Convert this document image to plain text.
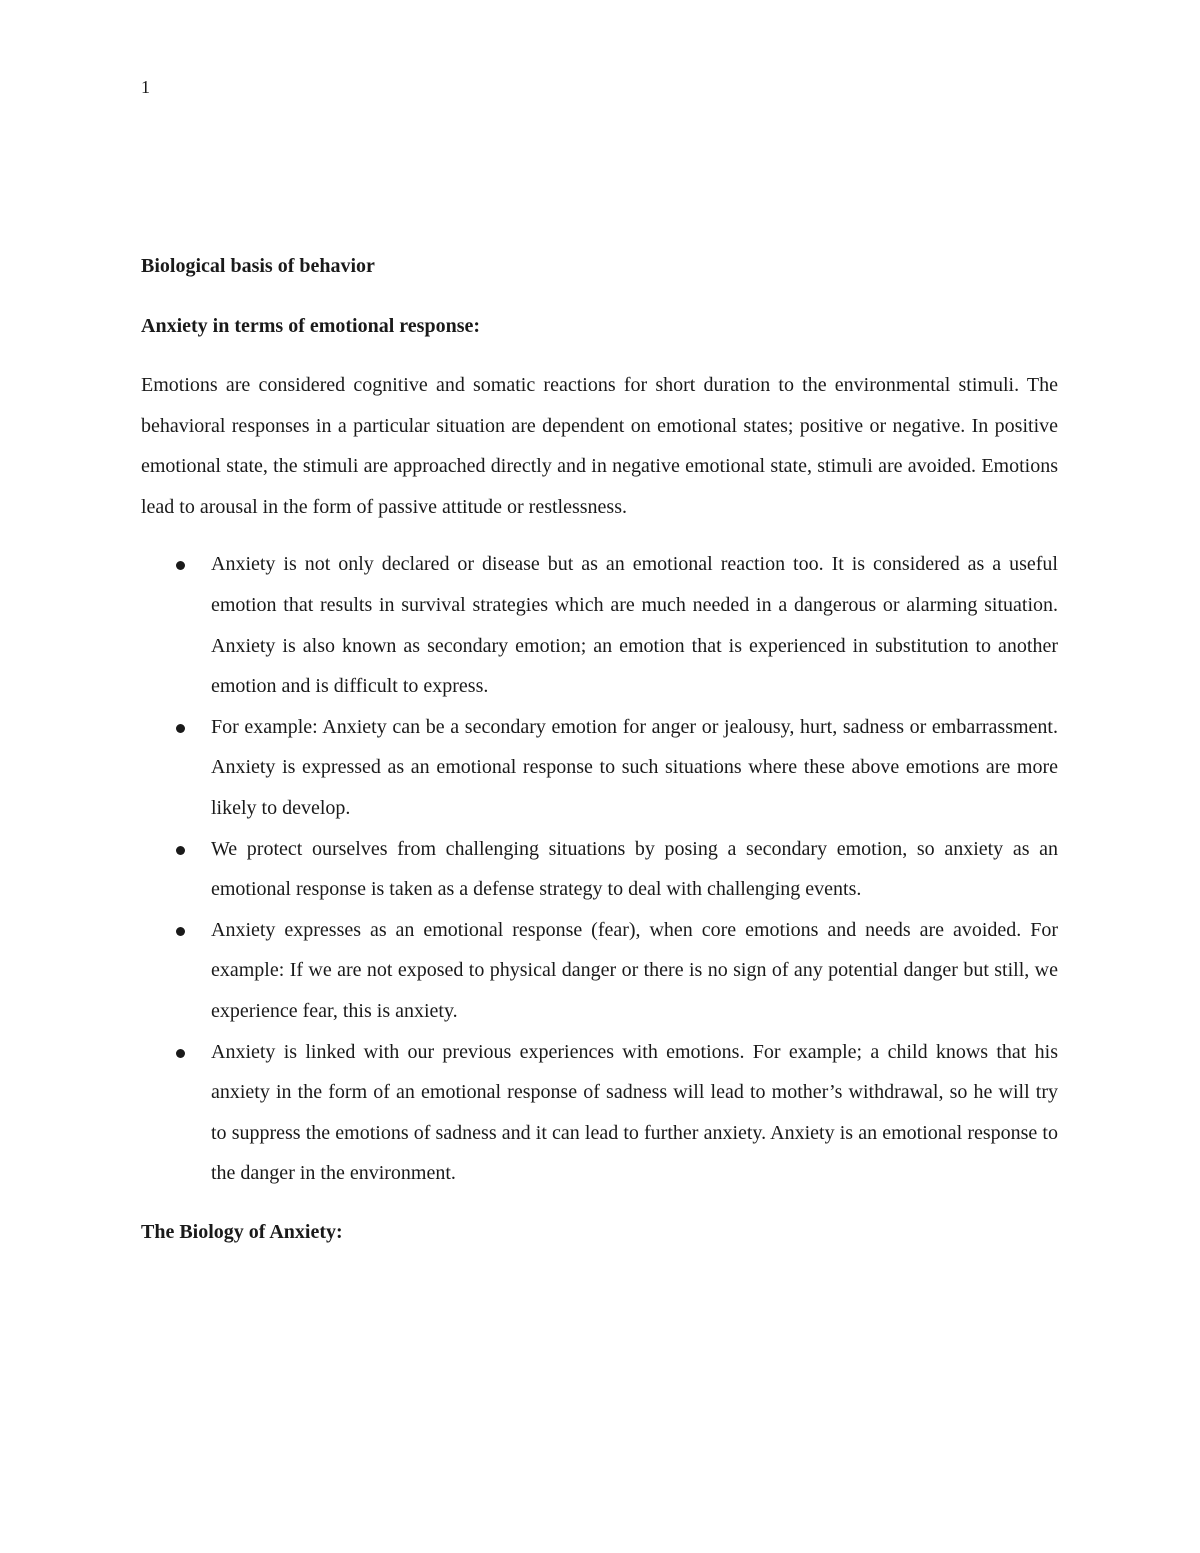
1
Biological basis of behavior
Anxiety in terms of emotional response:

Emotions are considered cognitive and somatic reactions for short duration to the environmental stimuli. The behavioral responses in a particular situation are dependent on emotional states; positive or negative. In positive emotional state, the stimuli are approached directly and in negative emotional state, stimuli are avoided. Emotions lead to arousal in the form of passive attitude or restlessness.

Anxiety is not only declared or disease but as an emotional reaction too. It is considered as a useful emotion that results in survival strategies which are much needed in a dangerous or alarming situation. Anxiety is also known as secondary emotion; an emotion that is experienced in substitution to another emotion and is difficult to express.
For example: Anxiety can be a secondary emotion for anger or jealousy, hurt, sadness or embarrassment. Anxiety is expressed as an emotional response to such situations where these above emotions are more likely to develop.
We protect ourselves from challenging situations by posing a secondary emotion, so anxiety as an emotional response is taken as a defense strategy to deal with challenging events.
Anxiety expresses as an emotional response (fear), when core emotions and needs are avoided. For example: If we are not exposed to physical danger or there is no sign of any potential danger but still, we experience fear, this is anxiety.
Anxiety is linked with our previous experiences with emotions. For example; a child knows that his anxiety in the form of an emotional response of sadness will lead to mother’s withdrawal, so he will try to suppress the emotions of sadness and it can lead to further anxiety. Anxiety is an emotional response to the danger in the environment.
The Biology of Anxiety:
